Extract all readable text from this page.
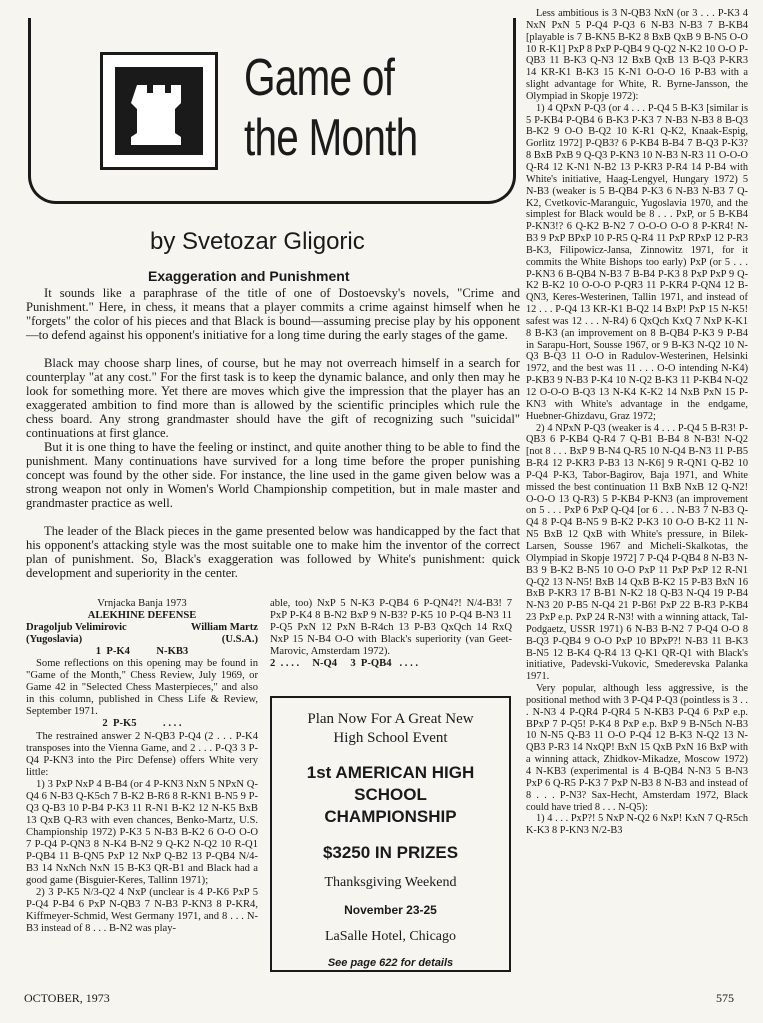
Game of
the Month
by Svetozar Gligoric
Exaggeration and Punishment

It sounds like a paraphrase of the title of one of Dostoevsky's novels, "Crime and Punishment." Here, in chess, it means that a player commits a crime against himself when he "forgets" the color of his pieces and that Black is bound—assuming precise play by his opponent—to defend against his opponent's initiative for a long time during the early stages of the game.

Black may choose sharp lines, of course, but he may not overreach himself in a search for counterplay "at any cost." For the first task is to keep the dynamic balance, and only then may he look for something more. Yet there are moves which give the impression that the player has an exaggerated ambition to find more than is allowed by the scientific principles which rule the chess board. Any strong grandmaster should have the gift of recognizing such "suicidal" continuations at first glance.

But it is one thing to have the feeling or instinct, and quite another thing to be able to find the punishment. Many continuations have survived for a long time before the proper punishing concept was found by the other side. For instance, the line used in the game given below was a strong weapon not only in Women's World Championship competition, but in male master and grandmaster practice as well.

The leader of the Black pieces in the game presented below was handicapped by the fact that his opponent's attacking style was the most suitable one to make him the inventor of the correct plan of punishment. So, Black's exaggeration was followed by White's punishment: quick development and superiority in the center.

Vrnjacka Banja 1973
ALEKHINE DEFENSE
Dragoljub Velimirovic	William Martz
(Yugoslavia)	(U.S.A.)
1  P-K4          N-KB3

Some reflections on this opening may be found in "Game of the Month," Chess Review, July 1969, or Game 42 in "Selected Chess Masterpieces," and also in this column, published in Chess Life & Review, September 1971.

2  P-K5          . . . .

The restrained answer 2 N-QB3 P-Q4 (2 . . . P-K4 transposes into the Vienna Game, and 2 . . . P-Q3 3 P-Q4 P-KN3 into the Pirc Defense) offers White very little:

1) 3 PxP NxP 4 B-B4 (or 4 P-KN3 NxN 5 NPxN Q-Q4 6 N-B3 Q-K5ch 7 B-K2 B-R6 8 R-KN1 B-N5 9 P-Q3 Q-B3 10 P-B4 P-K3 11 R-N1 B-K2 12 N-K5 BxB 13 QxB Q-R3 with even chances, Benko-Martz, U.S. Championship 1972) P-K3 5 N-B3 B-K2 6 O-O O-O 7 P-Q4 P-QN3 8 N-K4 B-N2 9 Q-K2 N-Q2 10 R-Q1 P-QB4 11 B-QN5 PxP 12 NxP Q-B2 13 P-QB4 N/4-B3 14 NxNch NxN 15 B-K3 QR-B1 and Black had a good game (Bisguier-Keres, Tallinn 1971);

2) 3 P-K5 N/3-Q2 4 NxP (unclear is 4 P-K6 PxP 5 P-Q4 P-B4 6 PxP N-QB3 7 N-B3 P-KN3 8 P-KR4, Kiffmeyer-Schmid, West Germany 1971, and 8 . . . N-B3 instead of 8 . . . B-N2 was play-

able, too) NxP 5 N-K3 P-QB4 6 P-QN4?! N/4-B3! 7 PxP P-K4 8 B-N2 BxP 9 N-B3? P-K5 10 P-Q4 B-N3 11 P-Q5 PxN 12 PxN B-R4ch 13 P-B3 QxQch 14 RxQ NxP 15 N-B4 O-O with Black's superiority (van Geet-Marovic, Amsterdam 1972).

2  . . . .     N-Q4     3  P-QB4   . . . .
Plan Now For A Great New High School Event
1st AMERICAN HIGH SCHOOL CHAMPIONSHIP
$3250 IN PRIZES
Thanksgiving Weekend
November 23-25
LaSalle Hotel, Chicago
See page 622 for details

Less ambitious is 3 N-QB3 NxN (or 3 . . . P-K3 4 NxN PxN 5 P-Q4 P-Q3 6 N-B3 N-B3 7 B-KB4 [playable is 7 B-KN5 B-K2 8 BxB QxB 9 B-N5 O-O 10 R-K1] PxP 8 PxP P-QB4 9 Q-Q2 N-K2 10 O-O P-QB3 11 B-K3 Q-N3 12 BxB QxB 13 B-Q3 P-KR3 14 KR-K1 B-K3 15 K-N1 O-O-O 16 P-B3 with a slight advantage for White, R. Byrne-Jansson, the Olympiad in Skopje 1972):

1) 4 QPxN P-Q3 (or 4 . . . P-Q4 5 B-K3 [similar is 5 P-KB4 P-QB4 6 B-K3 P-K3 7 N-B3 N-B3 8 B-Q3 B-K2 9 O-O B-Q2 10 K-R1 Q-K2, Knaak-Espig, Gorlitz 1972] P-QB3? 6 P-KB4 B-B4 7 B-Q3 P-K3? 8 BxB PxB 9 Q-Q3 P-KN3 10 N-B3 N-R3 11 O-O-O Q-R4 12 K-N1 N-B2 13 P-KR3 P-R4 14 P-B4 with White's initiative, Haag-Lengyel, Hungary 1972) 5 N-B3 (weaker is 5 B-QB4 P-K3 6 N-B3 N-B3 7 Q-K2, Cvetkovic-Maranguic, Yugoslavia 1970, and the simplest for Black would be 8 . . . PxP, or 5 B-KB4 P-KN3!? 6 Q-K2 B-N2 7 O-O-O O-O 8 P-KR4! N-B3 9 PxP BPxP 10 P-R5 Q-R4 11 PxP RPxP 12 P-R3 B-K3, Filipowicz-Jansa, Zinnowitz 1971, for it commits the White Bishops too early) PxP (or 5 . . . P-KN3 6 B-QB4 N-B3 7 B-B4 P-K3 8 PxP PxP 9 Q-K2 B-K2 10 O-O-O P-QR3 11 P-KR4 P-QN4 12 B-QN3, Keres-Westerinen, Tallin 1971, and instead of 12 . . . P-Q4 13 KR-K1 B-Q2 14 BxP! PxP 15 N-K5! safest was 12 . . . N-R4) 6 QxQch KxQ 7 NxP K-K1 8 B-K3 (an improvement on 8 B-QB4 P-K3 9 P-B4 in Sarapu-Hort, Sousse 1967, or 9 B-K3 N-Q2 10 N-Q3 B-Q3 11 O-O in Radulov-Westerinen, Helsinki 1972, and the best was 11 . . . O-O intending N-K4) P-KB3 9 N-B3 P-K4 10 N-Q2 B-K3 11 P-KB4 N-Q2 12 O-O-O B-Q3 13 N-K4 K-K2 14 NxB PxN 15 P-KN3 with White's advantage in the endgame, Huebner-Ghizdavu, Graz 1972;

2) 4 NPxN P-Q3 (weaker is 4 . . . P-Q4 5 B-R3! P-QB3 6 P-KB4 Q-R4 7 Q-B1 B-B4 8 N-B3! N-Q2 [not 8 . . . BxP 9 B-N4 Q-R5 10 N-Q4 B-N3 11 P-B5 B-R4 12 P-KR3 P-B3 13 N-K6] 9 R-QN1 Q-B2 10 P-Q4 P-K3, Tabor-Bagirov, Baja 1971, and White missed the best continuation 11 BxB NxB 12 Q-N2! O-O-O 13 Q-R3) 5 P-KB4 P-KN3 (an improvement on 5 . . . PxP 6 PxP Q-Q4 [or 6 . . . N-B3 7 N-B3 Q-Q4 8 P-Q4 B-N5 9 B-K2 P-K3 10 O-O B-K2 11 N-N5 BxB 12 QxB with White's pressure, in Bilek-Larsen, Sousse 1967 and Micheli-Skalkotas, the Olympiad in Skopje 1972] 7 P-Q4 P-QB4 8 N-B3 N-B3 9 B-K2 B-N5 10 O-O PxP 11 PxP PxP 12 R-N1 Q-Q2 13 N-N5! BxB 14 QxB B-K2 15 P-B3 BxN 16 BxB P-KR3 17 B-B1 N-K2 18 Q-B3 N-Q4 19 P-B4 N-N3 20 P-B5 N-Q4 21 P-B6! PxP 22 B-R3 P-KB4 23 PxP e.p. PxP 24 R-N3! with a winning attack, Tal-Podgaetz, USSR 1971) 6 N-B3 B-N2 7 P-Q4 O-O 8 B-Q3 P-QB4 9 O-O PxP 10 BPxP?! N-B3 11 B-K3 B-N5 12 B-K4 Q-R4 13 Q-K1 QR-Q1 with Black's initiative, Padevski-Vukovic, Smederevska Palanka 1971.

Very popular, although less aggressive, is the positional method with 3 P-Q4 P-Q3 (pointless is 3 . . . N-N3 4 P-QR4 P-QR4 5 N-KB3 P-Q4 6 PxP e.p. BPxP 7 P-Q5! P-K4 8 PxP e.p. BxP 9 B-N5ch N-B3 10 N-N5 Q-B3 11 O-O P-Q4 12 B-K3 N-Q2 13 N-QB3 P-R3 14 NxQP! BxN 15 QxB PxN 16 BxP with a winning attack, Zhidkov-Mikadze, Moscow 1972) 4 N-KB3 (experimental is 4 B-QB4 N-N3 5 B-N3 PxP 6 Q-R5 P-K3 7 PxP N-B3 8 N-B3 and instead of 8 . . . P-N3? Sax-Hecht, Amsterdam 1972, Black could have tried 8 . . . N-Q5):

1) 4 . . . PxP?! 5 NxP N-Q2 6 NxP! KxN 7 Q-R5ch K-K3 8 P-KN3 N/2-B3

OCTOBER, 1973	575
